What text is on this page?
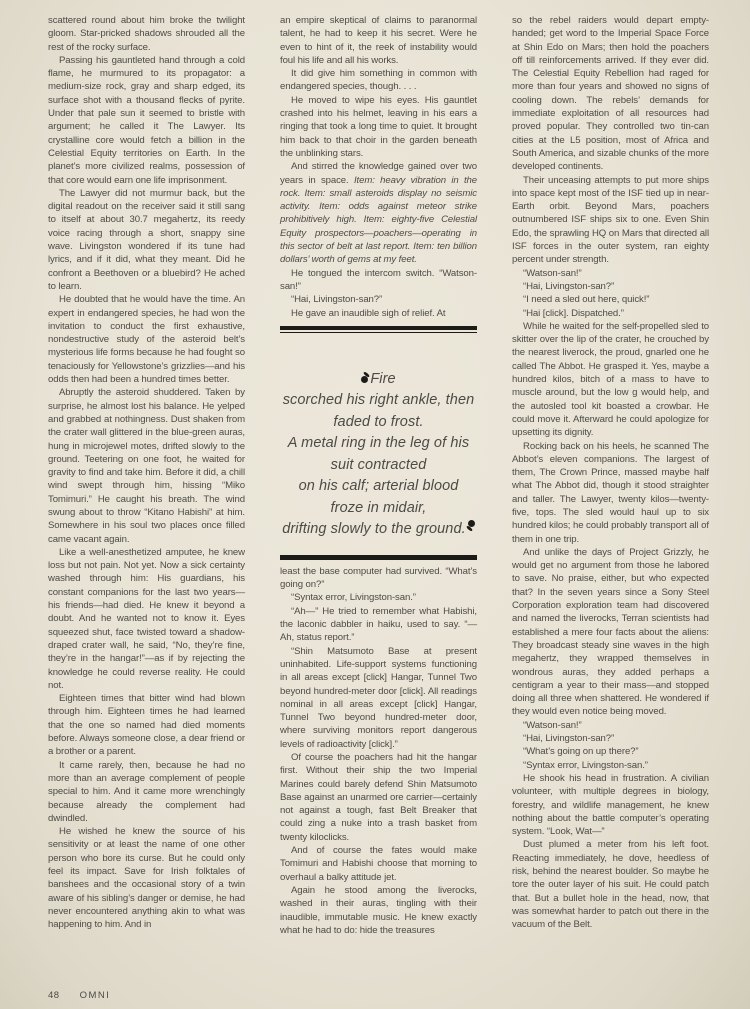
scattered round about him broke the twilight gloom. Star-pricked shadows shrouded all the rest of the rocky surface.

Passing his gauntleted hand through a cold flame, he murmured to its propagator: a medium-size rock, gray and sharp edged, its surface shot with a thousand flecks of pyrite. Under that pale sun it seemed to bristle with argument; he called it The Lawyer. Its crystalline core would fetch a billion in the Celestial Equity territories on Earth. In the planet’s more civilized realms, possession of that core would earn one life imprisonment.

The Lawyer did not murmur back, but the digital readout on the receiver said it still sang to itself at about 30.7 megahertz, its reedy voice racing through a short, snappy sine wave. Livingston wondered if its tune had lyrics, and if it did, what they meant. Did he confront a Beethoven or a bluebird? He ached to learn.

He doubted that he would have the time. An expert in endangered species, he had won the invitation to conduct the first exhaustive, nondestructive study of the asteroid belt’s mysterious life forms because he had fought so tenaciously for Yellowstone’s grizzlies—and his odds then had been a hundred times better.

Abruptly the asteroid shuddered. Taken by surprise, he almost lost his balance. He yelped and grabbed at nothingness. Dust shaken from the crater wall glittered in the blue-green auras, hung in microjewel motes, drifted slowly to the ground. Teetering on one foot, he waited for gravity to find and take him. Before it did, a chill wind swept through him, hissing “Miko Tomimuri.” He caught his breath. The wind swung about to throw “Kitano Habishi” at him. Somewhere in his soul two places once filled came vacant again.

Like a well-anesthetized amputee, he knew loss but not pain. Not yet. Now a sick certainty washed through him: His guardians, his constant companions for the last two years—his friends—had died. He knew it beyond a doubt. And he wanted not to know it. Eyes squeezed shut, face twisted toward a shadow-draped crater wall, he said, “No, they’re fine, they’re in the hangar!”—as if by rejecting the knowledge he could reverse reality. He could not.

Eighteen times that bitter wind had blown through him. Eighteen times he had learned that the one so named had died moments before. Always someone close, a dear friend or a brother or a parent.

It came rarely, then, because he had no more than an average complement of people special to him. And it came more wrenchingly because already the complement had dwindled.

He wished he knew the source of his sensitivity or at least the name of one other person who bore its curse. But he could only feel its impact. Save for Irish folktales of banshees and the occasional story of a twin aware of his sibling’s danger or demise, he had never encountered anything akin to what was happening to him. And in

an empire skeptical of claims to paranormal talent, he had to keep it his secret. Were he even to hint of it, the reek of instability would foul his life and all his works.

It did give him something in common with endangered species, though. . . .

He moved to wipe his eyes. His gauntlet crashed into his helmet, leaving in his ears a ringing that took a long time to quiet. It brought him back to that choir in the garden beneath the unblinking stars.

And stirred the knowledge gained over two years in space. Item: heavy vibration in the rock. Item: small asteroids display no seismic activity. Item: odds against meteor strike prohibitively high. Item: eighty-five Celestial Equity prospectors—poachers—operating in this sector of belt at last report. Item: ten billion dollars’ worth of gems at my feet.

He tongued the intercom switch. “Watson-san!”

“Hai, Livingston-san?”

He gave an inaudible sigh of relief. At

Fire
scorched his right ankle, then
faded to frost.
A metal ring in the leg of his
suit contracted
on his calf; arterial blood
froze in midair,
drifting slowly to the ground.

least the base computer had survived. “What’s going on?”

“Syntax error, Livingston-san.”

“Ah—” He tried to remember what Habishi, the laconic dabbler in haiku, used to say. “—Ah, status report.”

“Shin Matsumoto Base at present uninhabited. Life-support systems functioning in all areas except [click] Hangar, Tunnel Two beyond hundred-meter door [click]. All readings nominal in all areas except [click] Hangar, Tunnel Two beyond hundred-meter door, where surviving monitors report dangerous levels of radioactivity [click].”

Of course the poachers had hit the hangar first. Without their ship the two Imperial Marines could barely defend Shin Matsumoto Base against an unarmed ore carrier—certainly not against a tough, fast Belt Breaker that could zing a nuke into a trash basket from twenty kiloclicks.

And of course the fates would make Tomimuri and Habishi choose that morning to overhaul a balky attitude jet.

Again he stood among the liverocks, washed in their auras, tingling with their inaudible, immutable music. He knew exactly what he had to do: hide the treasures

so the rebel raiders would depart empty-handed; get word to the Imperial Space Force at Shin Edo on Mars; then hold the poachers off till reinforcements arrived. If they ever did. The Celestial Equity Rebellion had raged for more than four years and showed no signs of cooling down. The rebels’ demands for immediate exploitation of all resources had proved popular. They controlled two tin-can cities at the L5 position, most of Africa and South America, and sizable chunks of the more developed continents.

Their unceasing attempts to put more ships into space kept most of the ISF tied up in near-Earth orbit. Beyond Mars, poachers outnumbered ISF ships six to one. Even Shin Edo, the sprawling HQ on Mars that directed all ISF forces in the outer system, ran eighty percent under strength.

“Watson-san!”

“Hai, Livingston-san?”

“I need a sled out here, quick!”

“Hai [click]. Dispatched.”

While he waited for the self-propelled sled to skitter over the lip of the crater, he crouched by the nearest liverock, the proud, gnarled one he called The Abbot. He grasped it. Yes, maybe a hundred kilos, bitch of a mass to have to muscle around, but the low g would help, and the autosled tool kit boasted a crowbar. He could move it. Afterward he could apologize for upsetting its dignity.

Rocking back on his heels, he scanned The Abbot’s eleven companions. The largest of them, The Crown Prince, massed maybe half what The Abbot did, though it stood straighter and taller. The Lawyer, twenty kilos—twenty-five, tops. The sled would haul up to six hundred kilos; he could probably transport all of them in one trip.

And unlike the days of Project Grizzly, he would get no argument from those he labored to save. No praise, either, but who expected that? In the seven years since a Sony Steel Corporation exploration team had discovered and named the liverocks, Terran scientists had established a mere four facts about the aliens: They broadcast steady sine waves in the high megahertz, they wrapped themselves in wondrous auras, they added perhaps a centigram a year to their mass—and stopped doing all three when shattered. He wondered if they would even notice being moved.

“Watson-san!”

“Hai, Livingston-san?”

“What’s going on up there?”

“Syntax error, Livingston-san.”

He shook his head in frustration. A civilian volunteer, with multiple degrees in biology, forestry, and wildlife management, he knew nothing about the battle computer’s operating system. “Look, Wat—”

Dust plumed a meter from his left foot. Reacting immediately, he dove, heedless of risk, behind the nearest boulder. So maybe he tore the outer layer of his suit. He could patch that. But a bullet hole in the head, now, that was somewhat harder to patch out there in the vacuum of the Belt.

48 OMNI
